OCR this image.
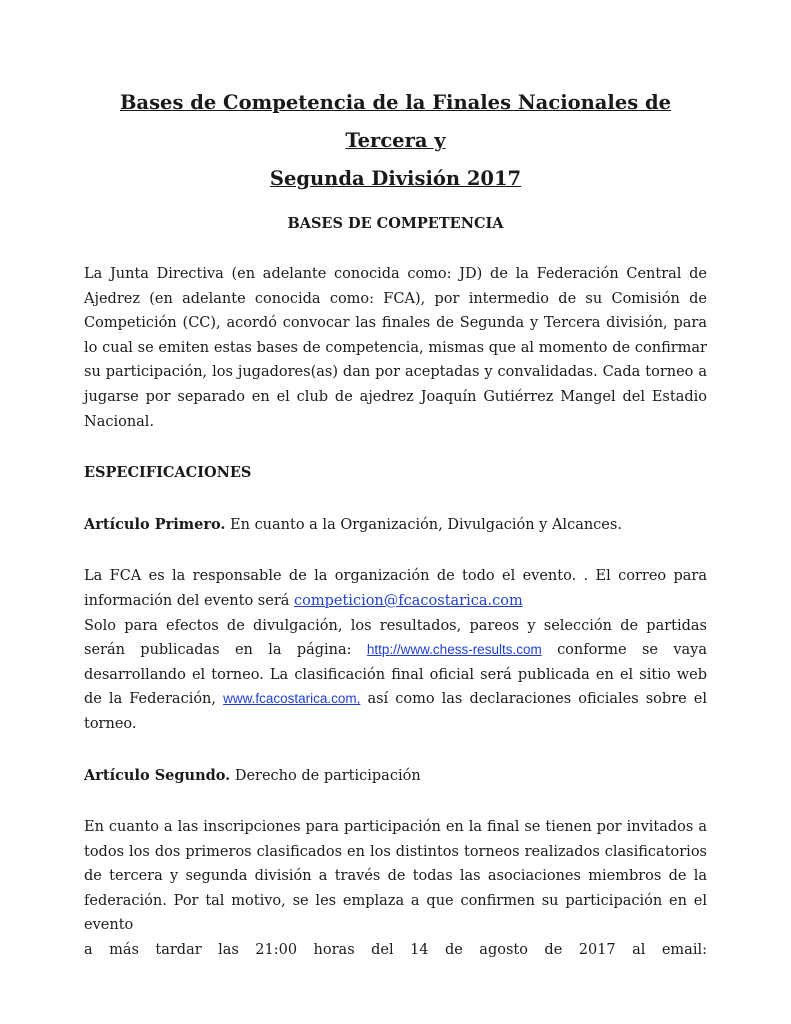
Bases de Competencia de la Finales Nacionales de Tercera y
Segunda División 2017
BASES DE COMPETENCIA

La Junta Directiva (en adelante conocida como: JD) de la Federación Central de Ajedrez (en adelante conocida como: FCA), por intermedio de su Comisión de Competición (CC), acordó convocar las finales de Segunda y Tercera división, para lo cual se emiten estas bases de competencia, mismas que al momento de confirmar su participación, los jugadores(as) dan por aceptadas y convalidadas. Cada torneo a jugarse por separado en el club de ajedrez Joaquín Gutiérrez Mangel del Estadio Nacional.

ESPECIFICACIONES

Artículo Primero. En cuanto a la Organización, Divulgación y Alcances.

La FCA es la responsable de la organización de todo el evento. . El correo para información del evento será competicion@fcacostarica.com

Solo para efectos de divulgación, los resultados, pareos y selección de partidas serán publicadas en la página: http://www.chess-results.com conforme se vaya desarrollando el torneo. La clasificación final oficial será publicada en el sitio web de la Federación, www.fcacostarica.com, así como las declaraciones oficiales sobre el torneo.

Artículo Segundo. Derecho de participación

En cuanto a las inscripciones para participación en la final se tienen por invitados a todos los dos primeros clasificados en los distintos torneos realizados clasificatorios de tercera y segunda división a través de todas las asociaciones miembros de la federación. Por tal motivo, se les emplaza a que confirmen su participación en el evento

a más tardar las 21:00 horas del 14 de agosto de 2017 al email:
